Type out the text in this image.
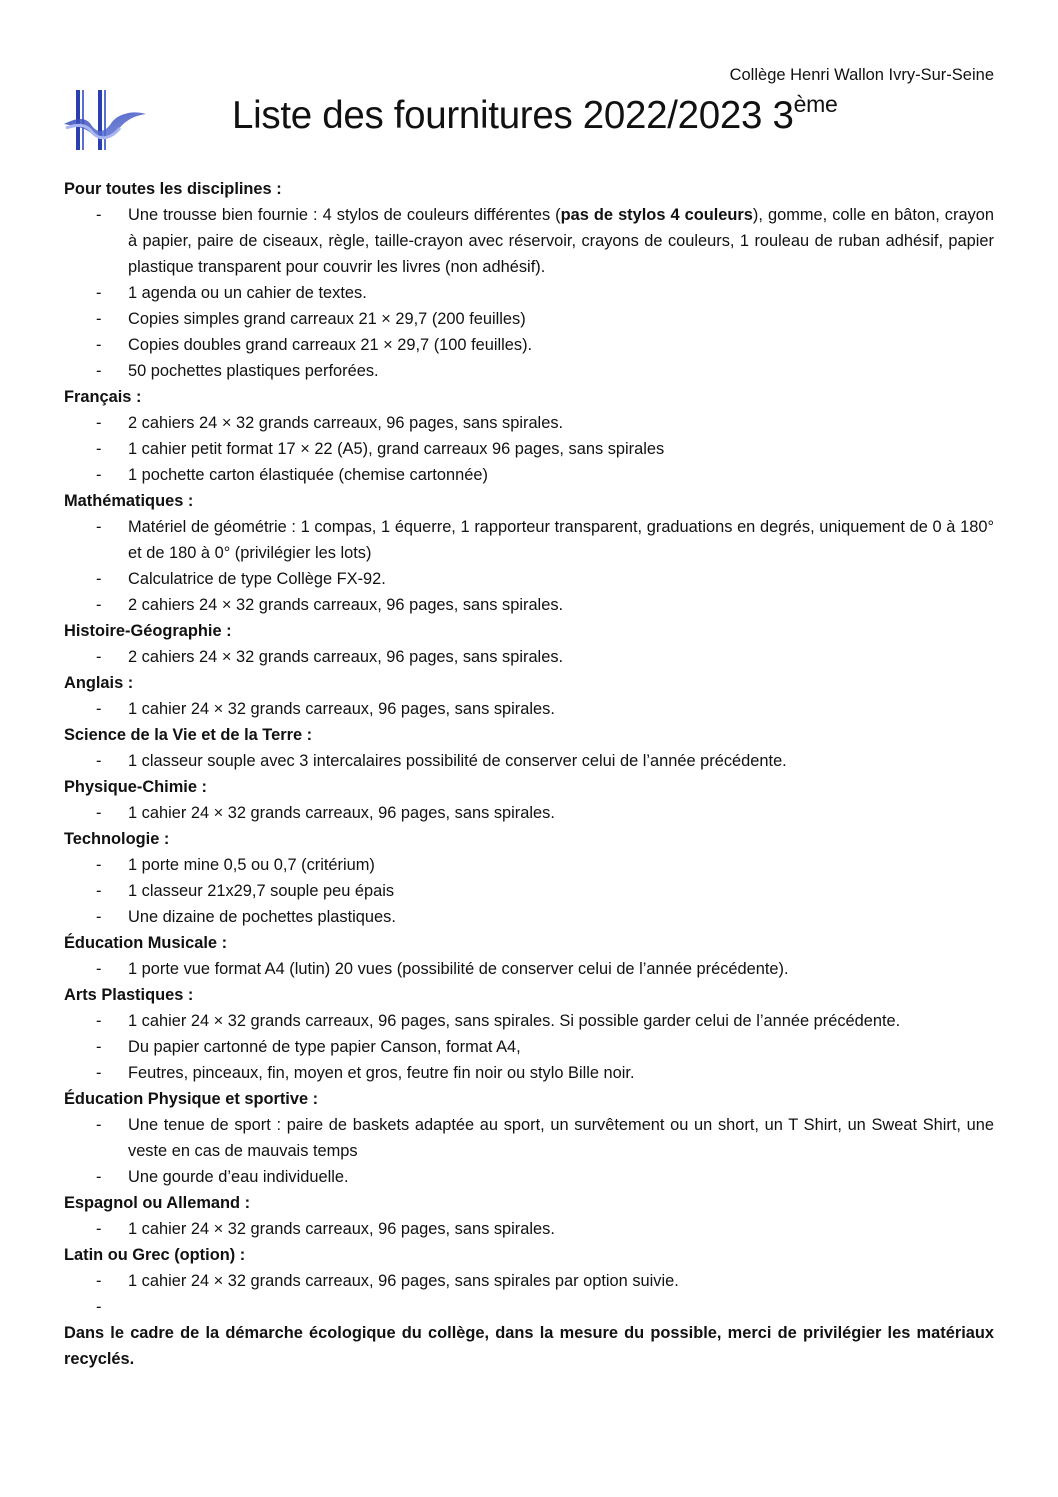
Collège Henri Wallon Ivry-Sur-Seine
Liste des fournitures 2022/2023 3ème

Pour toutes les disciplines :

- Une trousse bien fournie : 4 stylos de couleurs différentes (pas de stylos 4 couleurs), gomme, colle en bâton, crayon à papier, paire de ciseaux, règle, taille-crayon avec réservoir, crayons de couleurs, 1 rouleau de ruban adhésif, papier plastique transparent pour couvrir les livres (non adhésif).
- 1 agenda ou un cahier de textes.
- Copies simples grand carreaux 21 × 29,7 (200 feuilles)
- Copies doubles grand carreaux 21 × 29,7 (100 feuilles).
- 50 pochettes plastiques perforées.

Français :

- 2 cahiers 24 × 32 grands carreaux, 96 pages, sans spirales.
- 1 cahier petit format 17 × 22 (A5), grand carreaux 96 pages, sans spirales
- 1 pochette carton élastiquée (chemise cartonnée)

Mathématiques :

- Matériel de géométrie : 1 compas, 1 équerre, 1 rapporteur transparent, graduations en degrés, uniquement de 0 à 180° et de 180 à 0° (privilégier les lots)
- Calculatrice de type Collège FX-92.
- 2 cahiers 24 × 32 grands carreaux, 96 pages, sans spirales.

Histoire-Géographie :

- 2 cahiers 24 × 32 grands carreaux, 96 pages, sans spirales.

Anglais :

- 1 cahier 24 × 32 grands carreaux, 96 pages, sans spirales.

Science de la Vie et de la Terre :

- 1 classeur souple avec 3 intercalaires possibilité de conserver celui de l’année précédente.

Physique-Chimie :

- 1 cahier 24 × 32 grands carreaux, 96 pages, sans spirales.

Technologie :

- 1 porte mine 0,5 ou 0,7 (critérium)
- 1 classeur 21x29,7 souple peu épais
- Une dizaine de pochettes plastiques.

Éducation Musicale :

- 1 porte vue format A4 (lutin) 20 vues (possibilité de conserver celui de l’année précédente).

Arts Plastiques :

- 1 cahier 24 × 32 grands carreaux, 96 pages, sans spirales. Si possible garder celui de l’année précédente.
- Du papier cartonné de type papier Canson, format A4,
- Feutres, pinceaux, fin, moyen et gros, feutre fin noir ou stylo Bille noir.

Éducation Physique et sportive :

- Une tenue de sport : paire de baskets adaptée au sport, un survêtement ou un short, un T Shirt, un Sweat Shirt, une veste en cas de mauvais temps
- Une gourde d’eau individuelle.

Espagnol ou Allemand :

- 1 cahier 24 × 32 grands carreaux, 96 pages, sans spirales.

Latin ou Grec (option) :

- 1 cahier 24 × 32 grands carreaux, 96 pages, sans spirales par option suivie.
-

Dans le cadre de la démarche écologique du collège, dans la mesure du possible, merci de privilégier les matériaux recyclés.
